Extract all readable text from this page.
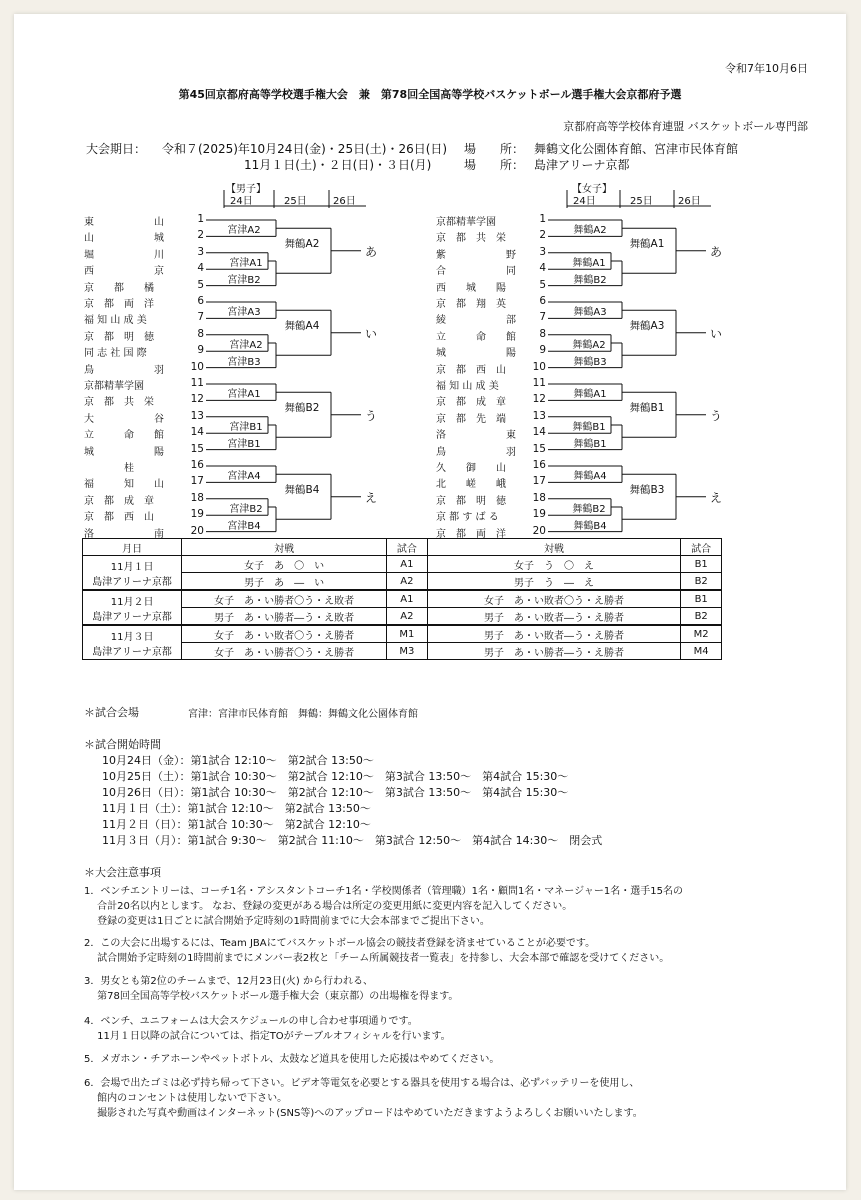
令和7年10月6日
第45回京都府高等学校選手権大会　兼　第78回全国高等学校バスケットボール選手権大会京都府予選
京都府高等学校体育連盟 バスケットボール専門部
大会期日： 令和７(2025)年10月24日(金)・25日(土)・26日(日)
11月１日(土)・２日(日)・３日(月)
場　　所： 舞鶴文化公園体育館、宮津市民体育館
場　　所： 島津アリーナ京都
月日	対戦	試合	対戦	試合

11月１日
島津アリーナ京都	女子　あ　〇　い	A1	女子　う　〇　え	B1
	男子　あ　―　い	A2	男子　う　―　え	B2

11月２日
島津アリーナ京都	女子　あ・い勝者〇う・え敗者	A1	女子　あ・い敗者〇う・え勝者	B1
	男子　あ・い勝者―う・え敗者	A2	男子　あ・い敗者―う・え勝者	B2

11月３日
島津アリーナ京都	女子　あ・い敗者〇う・え勝者	M1	男子　あ・い敗者―う・え勝者	M2
	女子　あ・い勝者〇う・え勝者	M3	男子　あ・い勝者―う・え勝者	M4
＊試合会場	宮津：宮津市民体育館　舞鶴：舞鶴文化公園体育館
＊試合開始時間
10月24日（金）：第1試合 12:10～　第2試合 13:50～
10月25日（土）：第1試合 10:30～　第2試合 12:10～　第3試合 13:50～　第4試合 15:30～
10月26日（日）：第1試合 10:30～　第2試合 12:10～　第3試合 13:50～　第4試合 15:30～
11月１日（土）：第1試合 12:10～　第2試合 13:50～
11月２日（日）：第1試合 10:30～　第2試合 12:10～
11月３日（月）：第1試合 9:30～　第2試合 11:10～　第3試合 12:50～　第4試合 14:30～　閉会式
＊大会注意事項
1．ベンチエントリーは、コーチ1名・アシスタントコーチ1名・学校関係者（管理職）1名・顧問1名・マネージャー1名・選手15名の
　 合計20名以内とします。 なお、登録の変更がある場合は所定の変更用紙に変更内容を記入してください。
　 登録の変更は1日ごとに試合開始予定時刻の1時間前までに大会本部までご提出下さい。
2．この大会に出場するには、Team JBAにてバスケットボール協会の競技者登録を済ませていることが必要です。
　 試合開始予定時刻の1時間前までにメンバー表2枚と「チーム所属競技者一覧表」を持参し、大会本部で確認を受けてください。
3．男女とも第2位のチームまで、12月23日(火) から行われる、
　 第78回全国高等学校バスケットボール選手権大会（東京都）の出場権を得ます。
4．ベンチ、ユニフォームは大会スケジュールの申し合わせ事項通りです。
　 11月１日以降の試合については、指定TOがテーブルオフィシャルを行います。
5．メガホン・チアホーンやペットボトル、太鼓など道具を使用した応援はやめてください。
6．会場で出たゴミは必ず持ち帰って下さい。ビデオ等電気を必要とする器具を使用する場合は、必ずバッテリーを使用し、
　 館内のコンセントは使用しないで下さい。
　 撮影された写真や動画はインターネット(SNS等)へのアップロードはやめていただきますようよろしくお願いいたします。
【男子】
24日	25日	26日
東　　　　　　山	1
山　　　　　　城	2
堀　　　　　　川	3
西　　　　　　京	4
京　　都　　橘	5
京　都　両　洋	6
福 知 山 成 美	7
京　都　明　徳	8
同 志 社 国 際	9
鳥　　　　　　羽	10
京都精華学園	11
京　都　共　栄	12
大　　　　　　谷	13
立　　　命　　館	14
城　　　　　　陽	15
　　　　桂	16
福　　　知　　山	17
京　都　成　章	18
京　都　西　山	19
洛　　　　　　南	20
宮津A1
宮津A2
宮津B2
舞鶴A2
あ
宮津A2
宮津A3
宮津B3
舞鶴A4
い
宮津B1
宮津A1
宮津B1
舞鶴B2
う
宮津B2
宮津A4
宮津B4
舞鶴B4
え
【女子】
24日	25日	26日
京都精華学園	1
京　都　共　栄	2
紫　　　　　　野	3
合　　　　　　同	4
西　　城　　陽	5
京　都　翔　英	6
綾　　　　　　部	7
立　　　命　　館	8
城　　　　　　陽	9
京　都　西　山	10
福 知 山 成 美	11
京　都　成　章	12
京　都　先　端	13
洛　　　　　　東	14
鳥　　　　　　羽	15
久　　御　　山	16
北　　嵯　　峨	17
京　都　明　徳	18
京 都 す ば る	19
京　都　両　洋	20
舞鶴A1
舞鶴A2
舞鶴B2
舞鶴A1
あ
舞鶴A2
舞鶴A3
舞鶴B3
舞鶴A3
い
舞鶴B1
舞鶴A1
舞鶴B1
舞鶴B1
う
舞鶴B2
舞鶴A4
舞鶴B4
舞鶴B3
え
